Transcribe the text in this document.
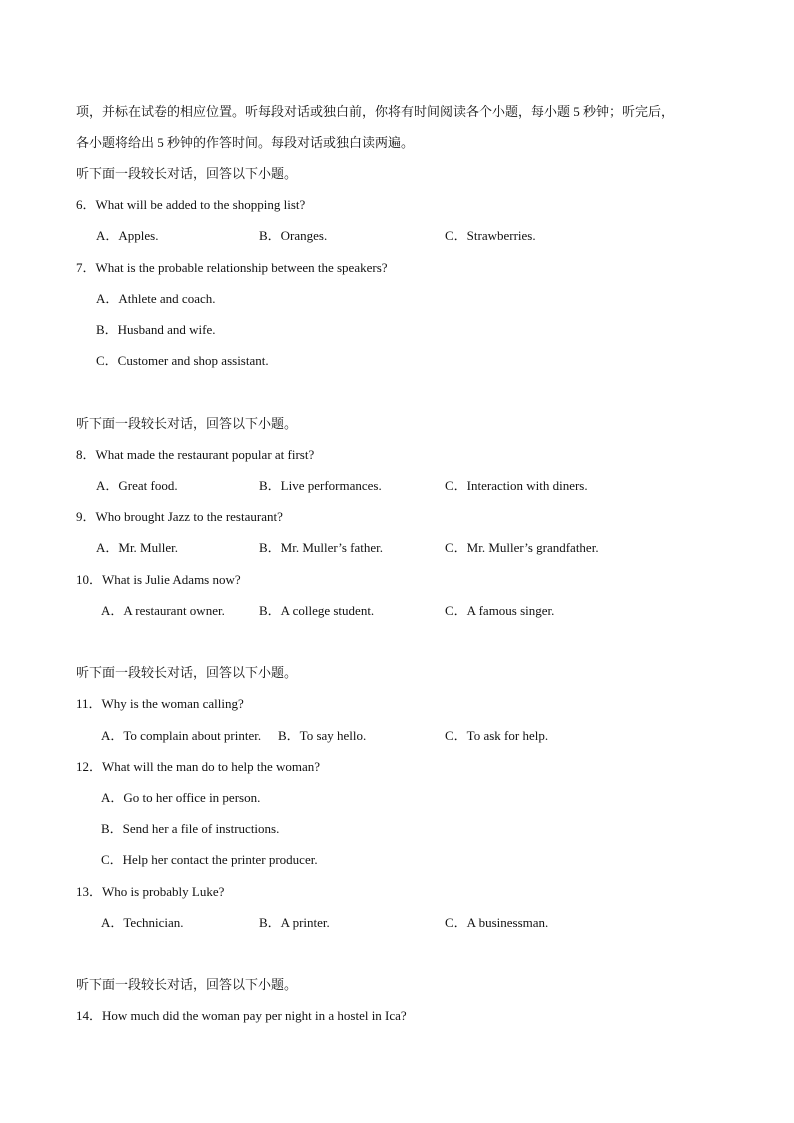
项，并标在试卷的相应位置。听每段对话或独白前，你将有时间阅读各个小题，每小题 5 秒钟；听完后，
各小题将给出 5 秒钟的作答时间。每段对话或独白读两遍。
听下面一段较长对话，回答以下小题。
6．What will be added to the shopping list?
A．Apples.	B．Oranges.	C．Strawberries.
7．What is the probable relationship between the speakers?
A．Athlete and coach.
B．Husband and wife.
C．Customer and shop assistant.
听下面一段较长对话，回答以下小题。
8．What made the restaurant popular at first?
A．Great food.	B．Live performances.	C．Interaction with diners.
9．Who brought Jazz to the restaurant?
A．Mr. Muller.	B．Mr. Muller’s father.	C．Mr. Muller’s grandfather.
10．What is Julie Adams now?
A．A restaurant owner.	B．A college student.	C．A famous singer.
听下面一段较长对话，回答以下小题。
11．Why is the woman calling?
A．To complain about printer. B．To say hello.	C．To ask for help.
12．What will the man do to help the woman?
A．Go to her office in person.
B．Send her a file of instructions.
C．Help her contact the printer producer.
13．Who is probably Luke?
A．Technician.	B．A printer.	C．A businessman.
听下面一段较长对话，回答以下小题。
14．How much did the woman pay per night in a hostel in Ica?
